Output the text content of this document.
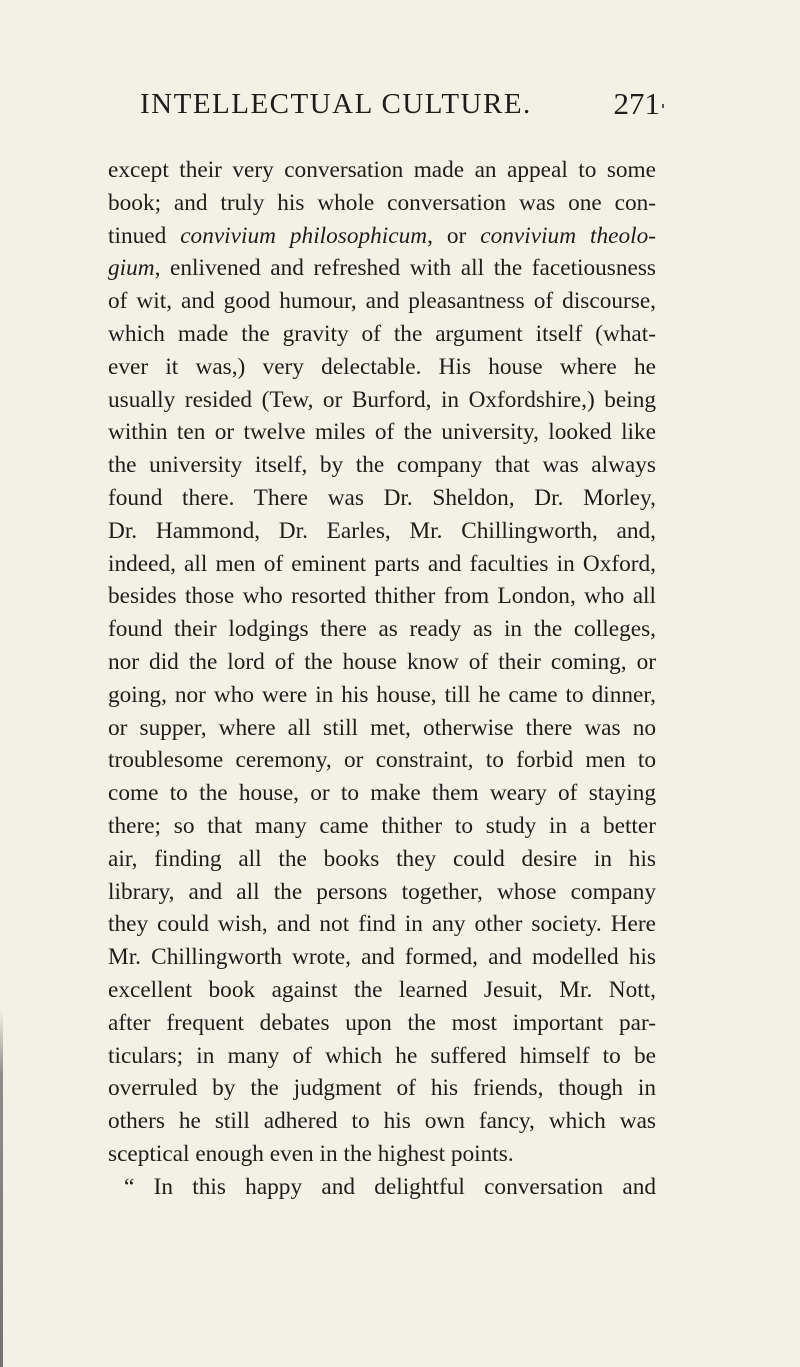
INTELLECTUAL CULTURE.	271
except their very conversation made an appeal to some
book; and truly his whole conversation was one con-
tinued convivium philosophicum, or convivium theolo-
gium, enlivened and refreshed with all the facetiousness
of wit, and good humour, and pleasantness of discourse,
which made the gravity of the argument itself (what-
ever it was,) very delectable. His house where he
usually resided (Tew, or Burford, in Oxfordshire,) being
within ten or twelve miles of the university, looked like
the university itself, by the company that was always
found there. There was Dr. Sheldon, Dr. Morley,
Dr. Hammond, Dr. Earles, Mr. Chillingworth, and,
indeed, all men of eminent parts and faculties in Oxford,
besides those who resorted thither from London, who all
found their lodgings there as ready as in the colleges,
nor did the lord of the house know of their coming, or
going, nor who were in his house, till he came to dinner,
or supper, where all still met, otherwise there was no
troublesome ceremony, or constraint, to forbid men to
come to the house, or to make them weary of staying
there; so that many came thither to study in a better
air, finding all the books they could desire in his
library, and all the persons together, whose company
they could wish, and not find in any other society. Here
Mr. Chillingworth wrote, and formed, and modelled his
excellent book against the learned Jesuit, Mr. Nott,
after frequent debates upon the most important par-
ticulars; in many of which he suffered himself to be
overruled by the judgment of his friends, though in
others he still adhered to his own fancy, which was
sceptical enough even in the highest points.
“ In this happy and delightful conversation and
